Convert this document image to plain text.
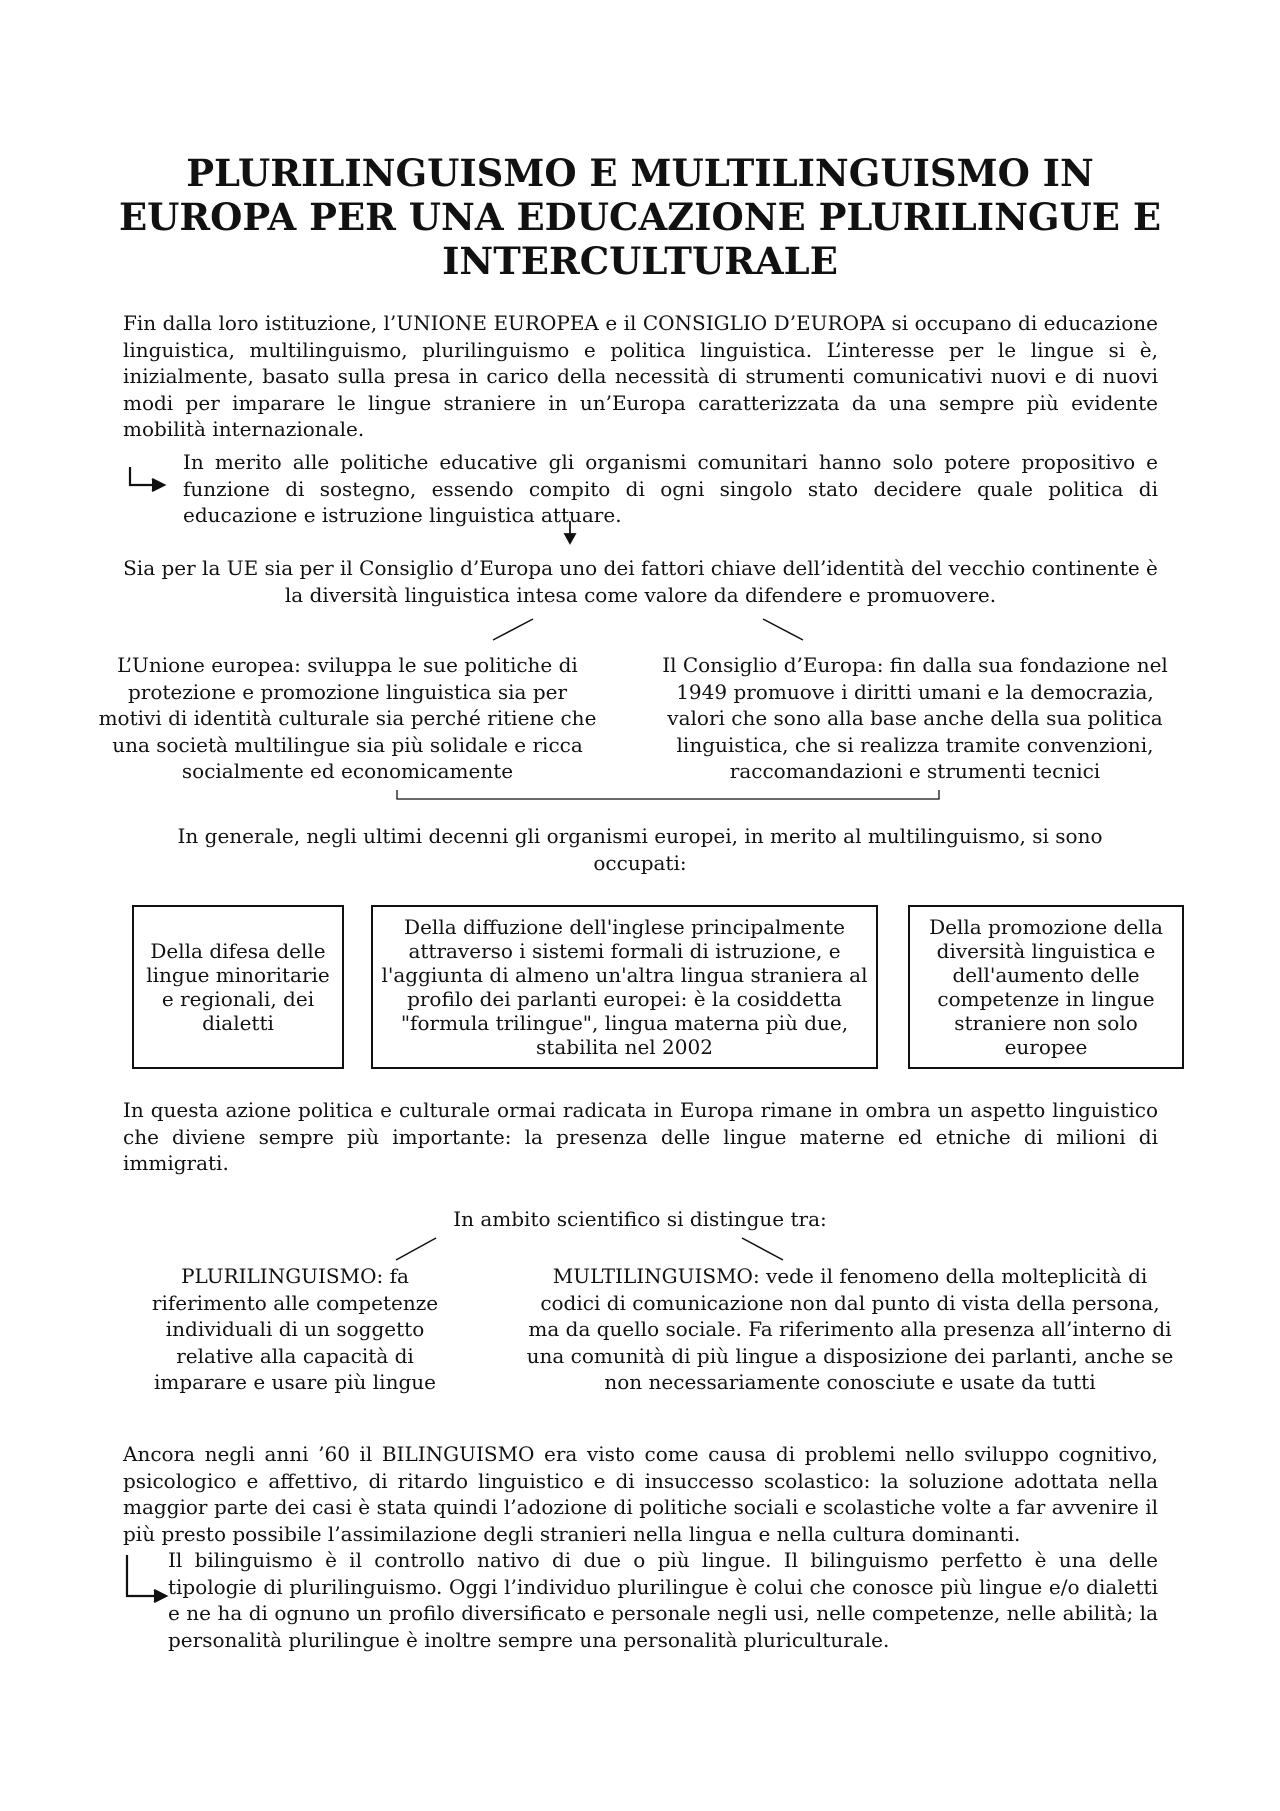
PLURILINGUISMO E MULTILINGUISMO IN
EUROPA PER UNA EDUCAZIONE PLURILINGUE E
INTERCULTURALE

Fin dalla loro istituzione, l’UNIONE EUROPEA e il CONSIGLIO D’EUROPA si occupano di educazione linguistica, multilinguismo, plurilinguismo e politica linguistica. L’interesse per le lingue si è, inizialmente, basato sulla presa in carico della necessità di strumenti comunicativi nuovi e di nuovi modi per imparare le lingue straniere in un’Europa caratterizzata da una sempre più evidente mobilità internazionale.

In merito alle politiche educative gli organismi comunitari hanno solo potere propositivo e funzione di sostegno, essendo compito di ogni singolo stato decidere quale politica di educazione e istruzione linguistica attuare.

Sia per la UE sia per il Consiglio d’Europa uno dei fattori chiave dell’identità del vecchio continente è la diversità linguistica intesa come valore da difendere e promuovere.

L’Unione europea: sviluppa le sue politiche di protezione e promozione linguistica sia per motivi di identità culturale sia perché ritiene che una società multilingue sia più solidale e ricca socialmente ed economicamente

Il Consiglio d’Europa: fin dalla sua fondazione nel 1949 promuove i diritti umani e la democrazia, valori che sono alla base anche della sua politica linguistica, che si realizza tramite convenzioni, raccomandazioni e strumenti tecnici

In generale, negli ultimi decenni gli organismi europei, in merito al multilinguismo, si sono occupati:

Della difesa delle lingue minoritarie e regionali, dei dialetti
Della diffuzione dell'inglese principalmente attraverso i sistemi formali di istruzione, e l'aggiunta di almeno un'altra lingua straniera al profilo dei parlanti europei: è la cosiddetta "formula trilingue", lingua materna più due, stabilita nel 2002
Della promozione della diversità linguistica e dell'aumento delle competenze in lingue straniere non solo europee

In questa azione politica e culturale ormai radicata in Europa rimane in ombra un aspetto linguistico che diviene sempre più importante: la presenza delle lingue materne ed etniche di milioni di immigrati.

In ambito scientifico si distingue tra:

PLURILINGUISMO: fa riferimento alle competenze individuali di un soggetto relative alla capacità di imparare e usare più lingue

MULTILINGUISMO: vede il fenomeno della molteplicità di codici di comunicazione non dal punto di vista della persona, ma da quello sociale. Fa riferimento alla presenza all’interno di una comunità di più lingue a disposizione dei parlanti, anche se non necessariamente conosciute e usate da tutti

Ancora negli anni ’60 il BILINGUISMO era visto come causa di problemi nello sviluppo cognitivo, psicologico e affettivo, di ritardo linguistico e di insuccesso scolastico: la soluzione adottata nella maggior parte dei casi è stata quindi l’adozione di politiche sociali e scolastiche volte a far avvenire il più presto possibile l’assimilazione degli stranieri nella lingua e nella cultura dominanti.

Il bilinguismo è il controllo nativo di due o più lingue. Il bilinguismo perfetto è una delle tipologie di plurilinguismo. Oggi l’individuo plurilingue è colui che conosce più lingue e/o dialetti e ne ha di ognuno un profilo diversificato e personale negli usi, nelle competenze, nelle abilità; la personalità plurilingue è inoltre sempre una personalità pluriculturale.
